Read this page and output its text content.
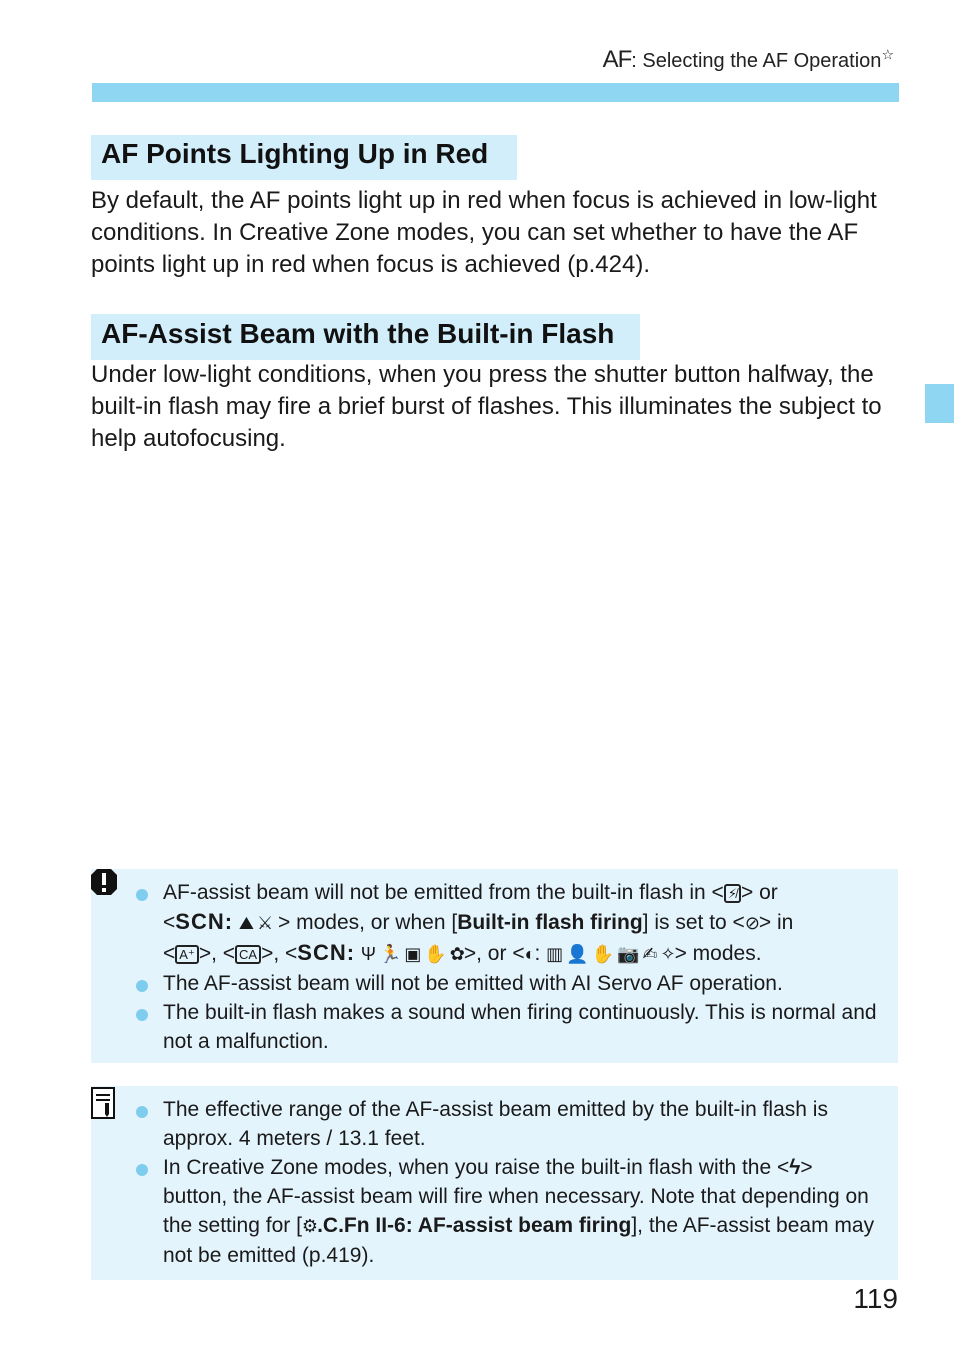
AF: Selecting the AF Operation☆
AF Points Lighting Up in Red
By default, the AF points light up in red when focus is achieved in low-light conditions. In Creative Zone modes, you can set whether to have the AF points light up in red when focus is achieved (p.424).
AF-Assist Beam with the Built-in Flash
Under low-light conditions, when you press the shutter button halfway, the built-in flash may fire a brief burst of flashes. This illuminates the subject to help autofocusing.
AF-assist beam will not be emitted from the built-in flash in < ⚡̸ > or
<SCN: ⛰ ⚔ > modes, or when [Built-in flash firing] is set to <⊘> in
< A⁺ >, < CA >, <SCN: Ψ 🏃 ▣ ✋ ✿>, or <◐: ▥ 👤 ✋ 📷 ✍ ✧> modes.
The AF-assist beam will not be emitted with AI Servo AF operation.
The built-in flash makes a sound when firing continuously. This is normal and not a malfunction.
The effective range of the AF-assist beam emitted by the built-in flash is approx. 4 meters / 13.1 feet.
In Creative Zone modes, when you raise the built-in flash with the <ϟ> button, the AF-assist beam will fire when necessary. Note that depending on the setting for [⚙.C.Fn II-6: AF-assist beam firing], the AF-assist beam may not be emitted (p.419).
119
